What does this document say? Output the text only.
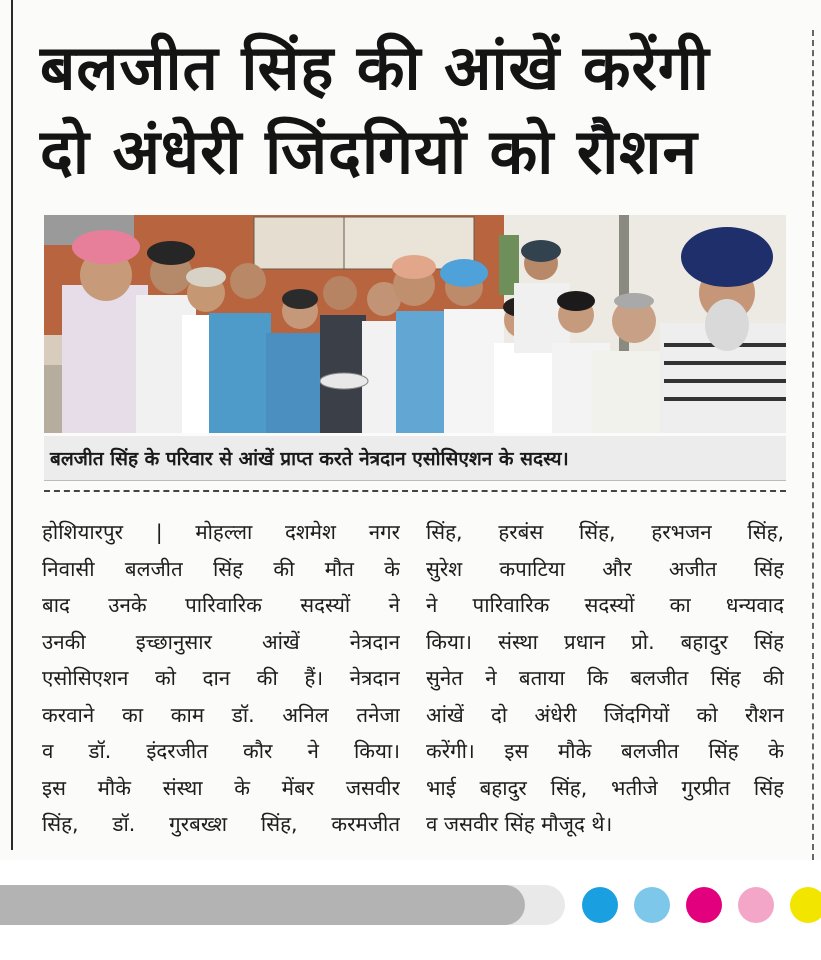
बलजीत सिंह की आंखें करेंगी
दो अंधेरी जिंदगियों को रौशन
बलजीत सिंह के परिवार से आंखें प्राप्त करते नेत्रदान एसोसिएशन के सदस्य।
होशियारपुर | मोहल्ला दशमेश नगर
निवासी बलजीत सिंह की मौत के
बाद उनके पारिवारिक सदस्यों ने
उनकी इच्छानुसार आंखें नेत्रदान
एसोसिएशन को दान की हैं। नेत्रदान
करवाने का काम डॉ. अनिल तनेजा
व डॉ. इंदरजीत कौर ने किया।
इस मौके संस्था के मेंबर जसवीर
सिंह, डॉ. गुरबख्श सिंह, करमजीत
सिंह, हरबंस सिंह, हरभजन सिंह,
सुरेश कपाटिया और अजीत सिंह
ने पारिवारिक सदस्यों का धन्यवाद
किया। संस्था प्रधान प्रो. बहादुर सिंह
सुनेत ने बताया कि बलजीत सिंह की
आंखें दो अंधेरी जिंदगियों को रौशन
करेंगी। इस मौके बलजीत सिंह के
भाई बहादुर सिंह, भतीजे गुरप्रीत सिंह
व जसवीर सिंह मौजूद थे।
